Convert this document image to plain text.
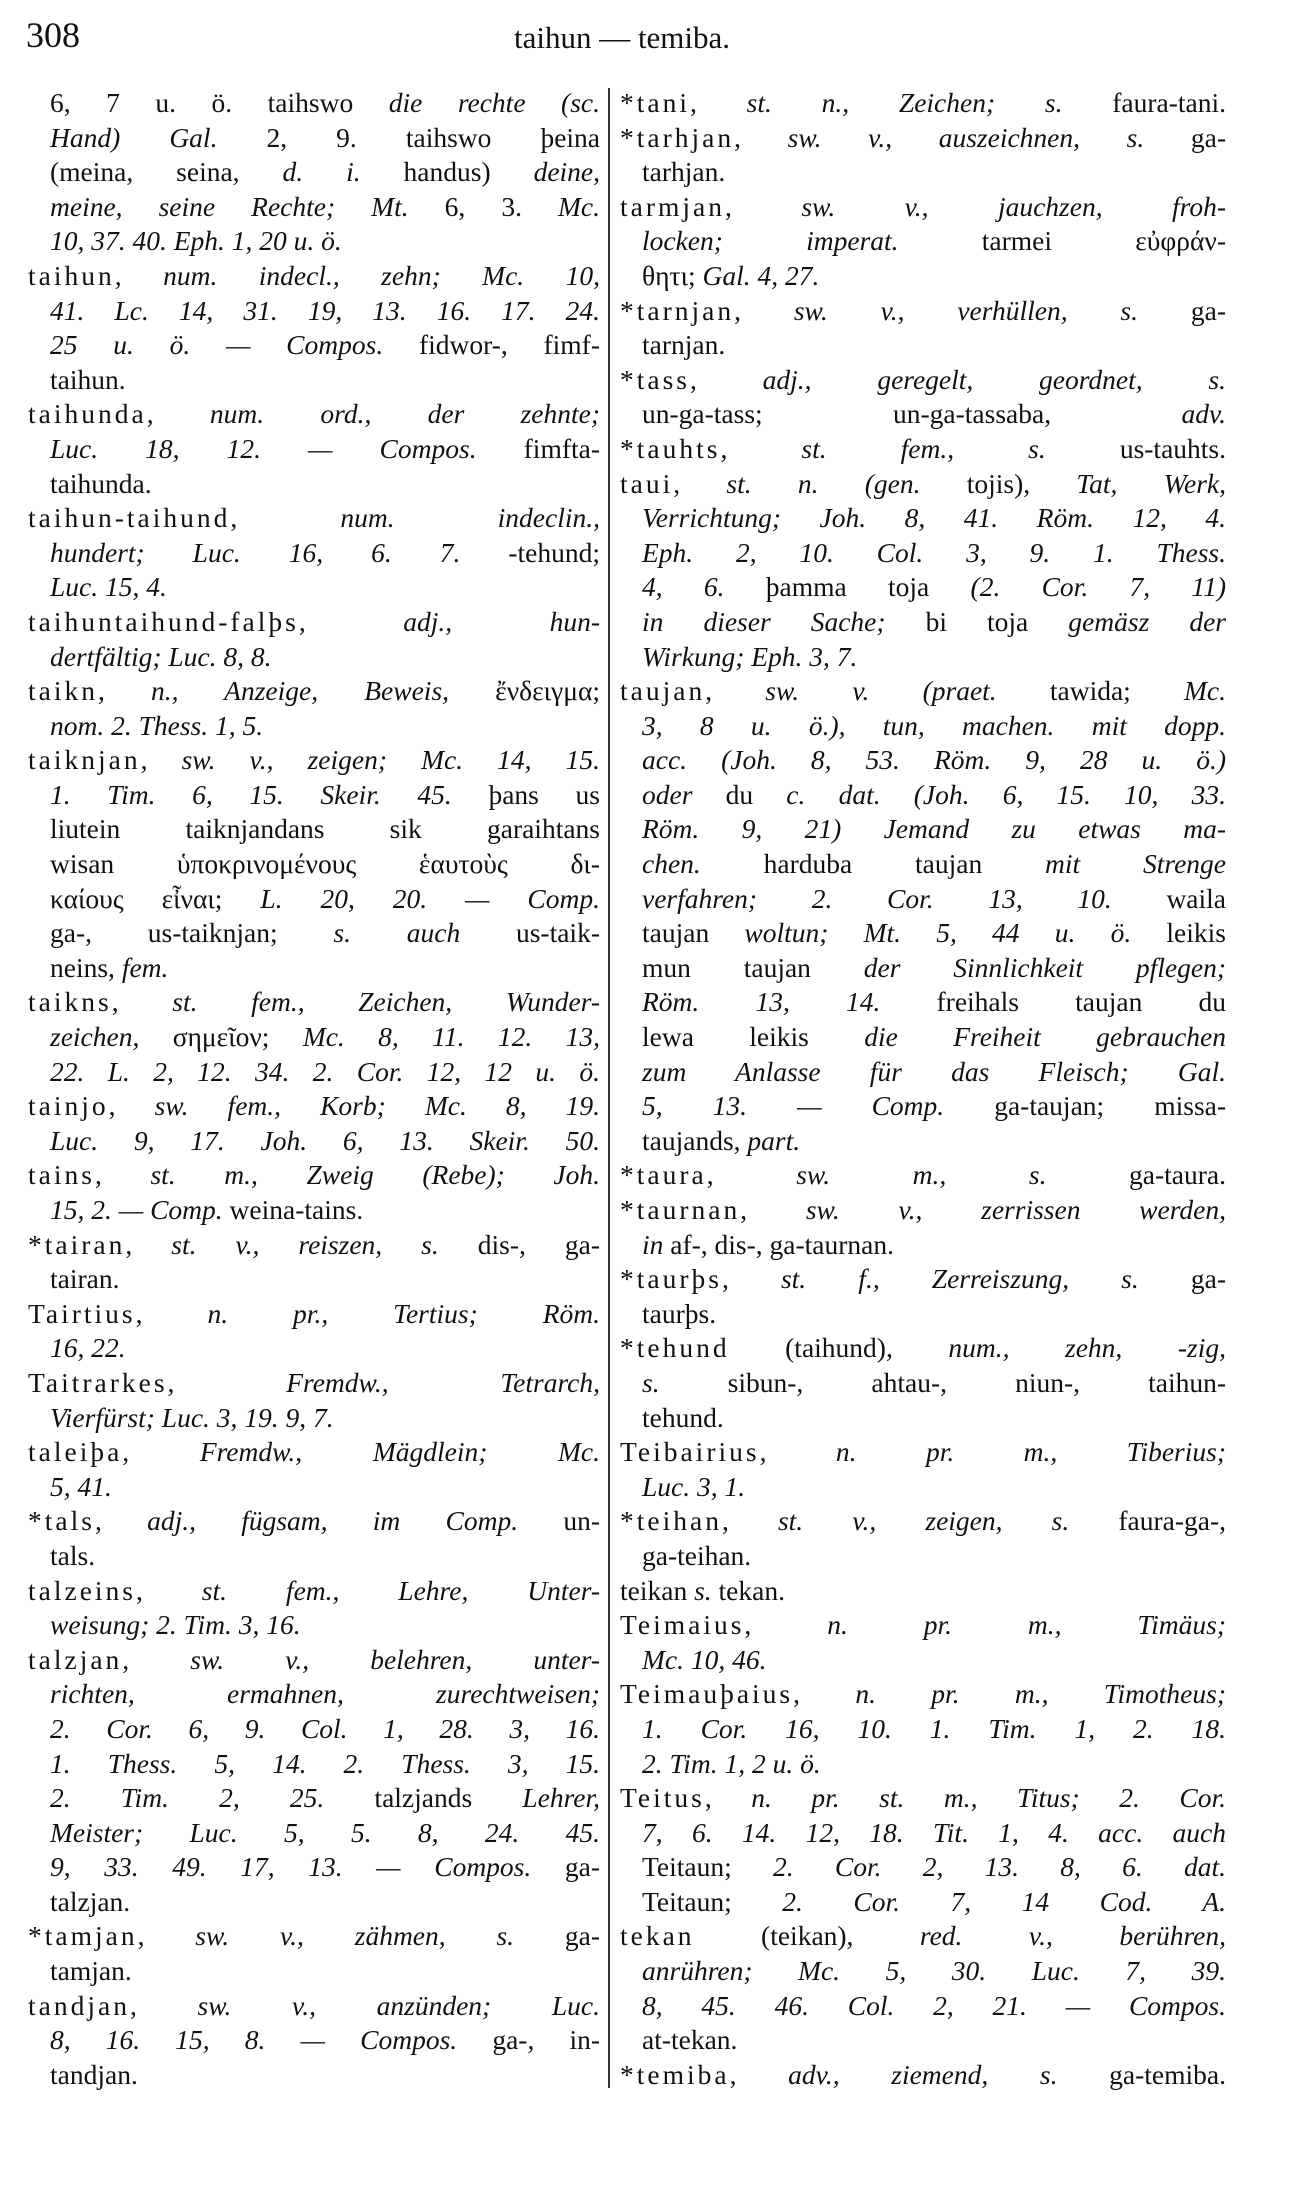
308	taihun — temiba.
6, 7 u. ö. taihswo die rechte (sc.
Hand) Gal. 2, 9. taihswo þeina
(meina, seina, d. i. handus) deine,
meine, seine Rechte; Mt. 6, 3. Mc.
10, 37. 40. Eph. 1, 20 u. ö.
taihun, num. indecl., zehn; Mc. 10,
41. Lc. 14, 31. 19, 13. 16. 17. 24.
25 u. ö. — Compos. fidwor-, fimf-
taihun.
taihunda, num. ord., der zehnte;
Luc. 18, 12. — Compos. fimfta-
taihunda.
taihun-taihund, num. indeclin.,
hundert; Luc. 16, 6. 7. -tehund;
Luc. 15, 4.
taihuntaihund-falþs, adj., hun-
dertfältig; Luc. 8, 8.
taikn, n., Anzeige, Beweis, ἔνδειγμα;
nom. 2. Thess. 1, 5.
taiknjan, sw. v., zeigen; Mc. 14, 15.
1. Tim. 6, 15. Skeir. 45. þans us
liutein taiknjandans sik garaihtans
wisan ὑποκρινομένους ἑαυτοὺς δι-
καίους εἶναι; L. 20, 20. — Comp.
ga-, us-taiknjan; s. auch us-taik-
neins, fem.
taikns, st. fem., Zeichen, Wunder-
zeichen, σημεῖον; Mc. 8, 11. 12. 13,
22. L. 2, 12. 34. 2. Cor. 12, 12 u. ö.
tainjo, sw. fem., Korb; Mc. 8, 19.
Luc. 9, 17. Joh. 6, 13. Skeir. 50.
tains, st. m., Zweig (Rebe); Joh.
15, 2. — Comp. weina-tains.
*tairan, st. v., reiszen, s. dis-, ga-
tairan.
Tairtius, n. pr., Tertius; Röm.
16, 22.
Taitrarkes, Fremdw., Tetrarch,
Vierfürst; Luc. 3, 19. 9, 7.
taleiþa, Fremdw., Mägdlein; Mc.
5, 41.
*tals, adj., fügsam, im Comp. un-
tals.
talzeins, st. fem., Lehre, Unter-
weisung; 2. Tim. 3, 16.
talzjan, sw. v., belehren, unter-
richten, ermahnen, zurechtweisen;
2. Cor. 6, 9. Col. 1, 28. 3, 16.
1. Thess. 5, 14. 2. Thess. 3, 15.
2. Tim. 2, 25. talzjands Lehrer,
Meister; Luc. 5, 5. 8, 24. 45.
9, 33. 49. 17, 13. — Compos. ga-
talzjan.
*tamjan, sw. v., zähmen, s. ga-
tamjan.
tandjan, sw. v., anzünden; Luc.
8, 16. 15, 8. — Compos. ga-, in-
tandjan.
*tani, st. n., Zeichen; s. faura-tani.
*tarhjan, sw. v., auszeichnen, s. ga-
tarhjan.
tarmjan, sw. v., jauchzen, froh-
locken; imperat. tarmei εὐφράν-
θητι; Gal. 4, 27.
*tarnjan, sw. v., verhüllen, s. ga-
tarnjan.
*tass, adj., geregelt, geordnet, s.
un-ga-tass; un-ga-tassaba, adv.
*tauhts, st. fem., s. us-tauhts.
taui, st. n. (gen. tojis), Tat, Werk,
Verrichtung; Joh. 8, 41. Röm. 12, 4.
Eph. 2, 10. Col. 3, 9. 1. Thess.
4, 6. þamma toja (2. Cor. 7, 11)
in dieser Sache; bi toja gemäsz der
Wirkung; Eph. 3, 7.
taujan, sw. v. (praet. tawida; Mc.
3, 8 u. ö.), tun, machen. mit dopp.
acc. (Joh. 8, 53. Röm. 9, 28 u. ö.)
oder du c. dat. (Joh. 6, 15. 10, 33.
Röm. 9, 21) Jemand zu etwas ma-
chen. harduba taujan mit Strenge
verfahren; 2. Cor. 13, 10. waila
taujan woltun; Mt. 5, 44 u. ö. leikis
mun taujan der Sinnlichkeit pflegen;
Röm. 13, 14. freihals taujan du
lewa leikis die Freiheit gebrauchen
zum Anlasse für das Fleisch; Gal.
5, 13. — Comp. ga-taujan; missa-
taujands, part.
*taura, sw. m., s. ga-taura.
*taurnan, sw. v., zerrissen werden,
in af-, dis-, ga-taurnan.
*taurþs, st. f., Zerreiszung, s. ga-
taurþs.
*tehund (taihund), num., zehn, -zig,
s. sibun-, ahtau-, niun-, taihun-
tehund.
Teibairius, n. pr. m., Tiberius;
Luc. 3, 1.
*teihan, st. v., zeigen, s. faura-ga-,
ga-teihan.
teikan s. tekan.
Teimaius, n. pr. m., Timäus;
Mc. 10, 46.
Teimauþaius, n. pr. m., Timotheus;
1. Cor. 16, 10. 1. Tim. 1, 2. 18.
2. Tim. 1, 2 u. ö.
Teitus, n. pr. st. m., Titus; 2. Cor.
7, 6. 14. 12, 18. Tit. 1, 4. acc. auch
Teitaun; 2. Cor. 2, 13. 8, 6. dat.
Teitaun; 2. Cor. 7, 14 Cod. A.
tekan (teikan), red. v., berühren,
anrühren; Mc. 5, 30. Luc. 7, 39.
8, 45. 46. Col. 2, 21. — Compos.
at-tekan.
*temiba, adv., ziemend, s. ga-temiba.
